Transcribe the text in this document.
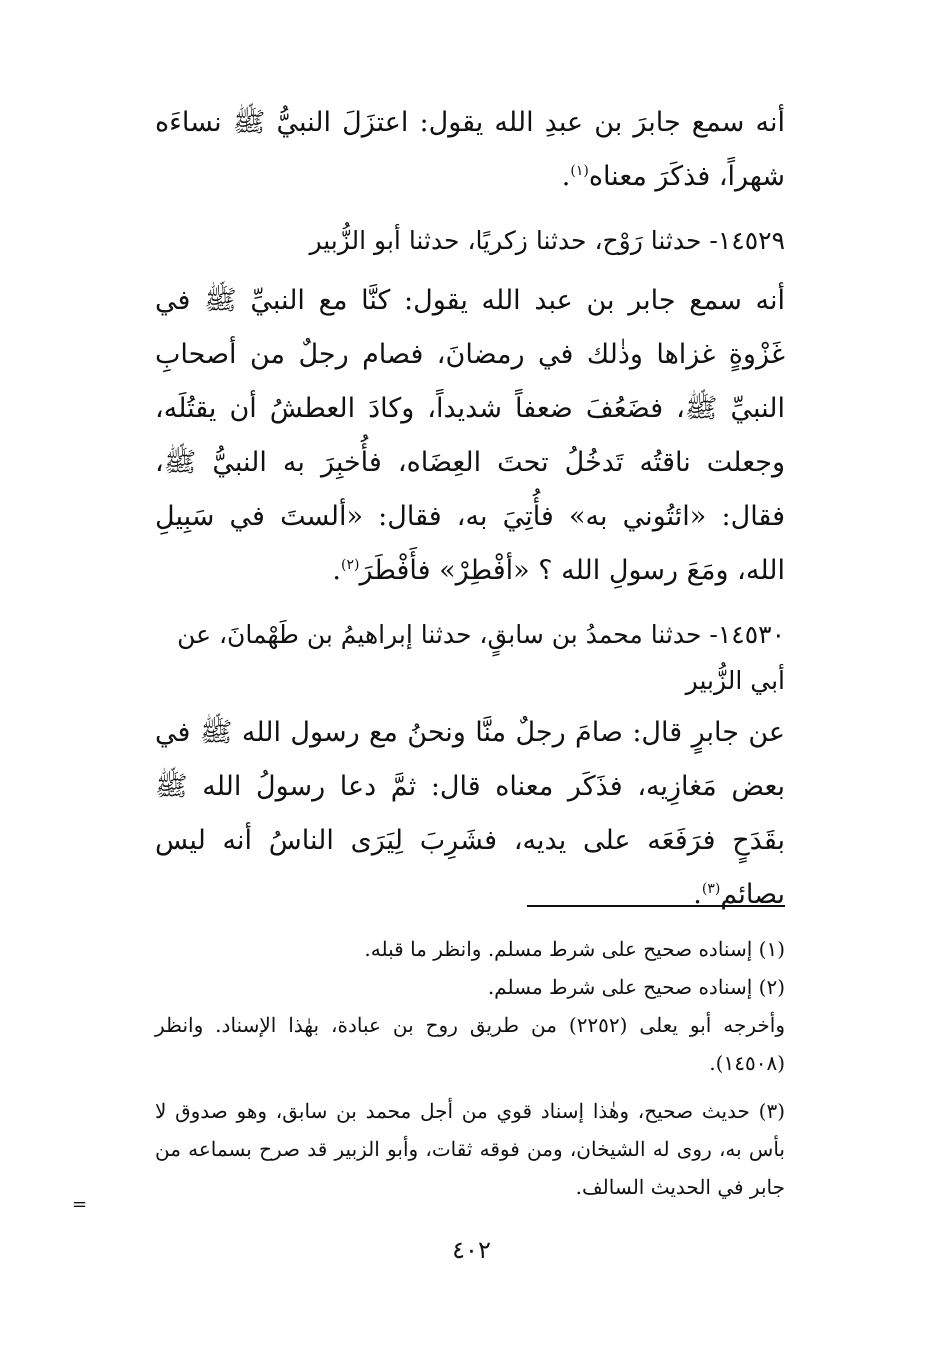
أنه سمع جابرَ بن عبدِ الله يقول: اعتزَلَ النبيُّ ﷺ نساءَه شهراً، فذكَرَ معناه$^{(١)}$.

١٤٥٢٩- حدثنا رَوْح، حدثنا زكريًا، حدثنا أبو الزُّبير

أنه سمع جابر بن عبد الله يقول: كنَّا مع النبيِّ ﷺ في غَزْوةٍ غزاها وذٰلك في رمضانَ، فصام رجلٌ من أصحابِ النبيِّ ﷺ، فضَعُفَ ضعفاً شديداً، وكادَ العطشُ أن يقتُلَه، وجعلت ناقتُه تَدخُلُ تحتَ العِضَاه، فأُخبِرَ به النبيُّ ﷺ، فقال: «ائتُوني به» فأُتِيَ به، فقال: «ألستَ في سَبِيلِ الله، ومَعَ رسولِ الله ؟ «أفْطِرْ» فأَفْطَرَ$^{(٢)}$.

١٤٥٣٠- حدثنا محمدُ بن سابقٍ، حدثنا إبراهيمُ بن طَهْمانَ، عن أبي الزُّبير

عن جابرٍ قال: صامَ رجلٌ منَّا ونحنُ مع رسول الله ﷺ في بعض مَغازِيه، فذَكَر معناه قال: ثمَّ دعا رسولُ الله ﷺ بقَدَحٍ فرَفَعَه على يديه، فشَرِبَ لِيَرَى الناسُ أنه ليس بصائم$^{(٣)}$.

(١) إسناده صحيح على شرط مسلم. وانظر ما قبله.

(٢) إسناده صحيح على شرط مسلم.

وأخرجه أبو يعلى (٢٢٥٢) من طريق روح بن عبادة، بهٰذا الإسناد. وانظر (١٤٥٠٨).

(٣) حديث صحيح، وهٰذا إسناد قوي من أجل محمد بن سابق، وهو صدوق لا بأس به، روى له الشيخان، ومن فوقه ثقات، وأبو الزبير قد صرح بسماعه من جابر في الحديث السالف.

=
٤٠٢
